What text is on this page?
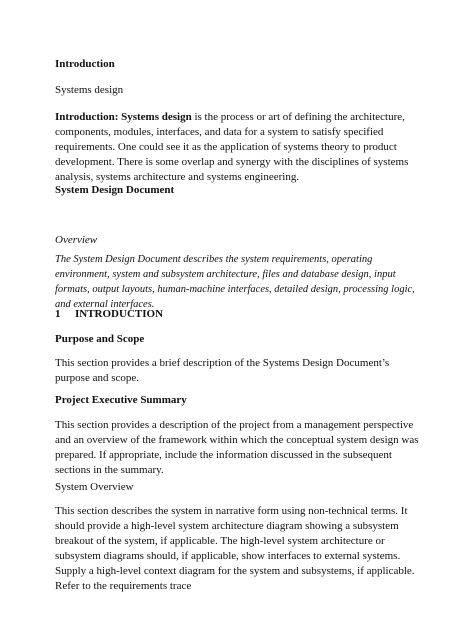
Introduction

Systems design

Introduction: Systems design is the process or art of defining the architecture, components, modules, interfaces, and data for a system to satisfy specified requirements. One could see it as the application of systems theory to product development. There is some overlap and synergy with the disciplines of systems analysis, systems architecture and systems engineering.

System Design Document

Overview

The System Design Document describes the system requirements, operating environment, system and subsystem architecture, files and database design, input formats, output layouts, human-machine interfaces, detailed design, processing logic, and external interfaces.

1 INTRODUCTION

Purpose and Scope

This section provides a brief description of the Systems Design Document’s purpose and scope.

Project Executive Summary

This section provides a description of the project from a management perspective and an overview of the framework within which the conceptual system design was prepared. If appropriate, include the information discussed in the subsequent sections in the summary.

System Overview

This section describes the system in narrative form using non-technical terms. It should provide a high-level system architecture diagram showing a subsystem breakout of the system, if applicable. The high-level system architecture or subsystem diagrams should, if applicable, show interfaces to external systems. Supply a high-level context diagram for the system and subsystems, if applicable. Refer to the requirements trace
